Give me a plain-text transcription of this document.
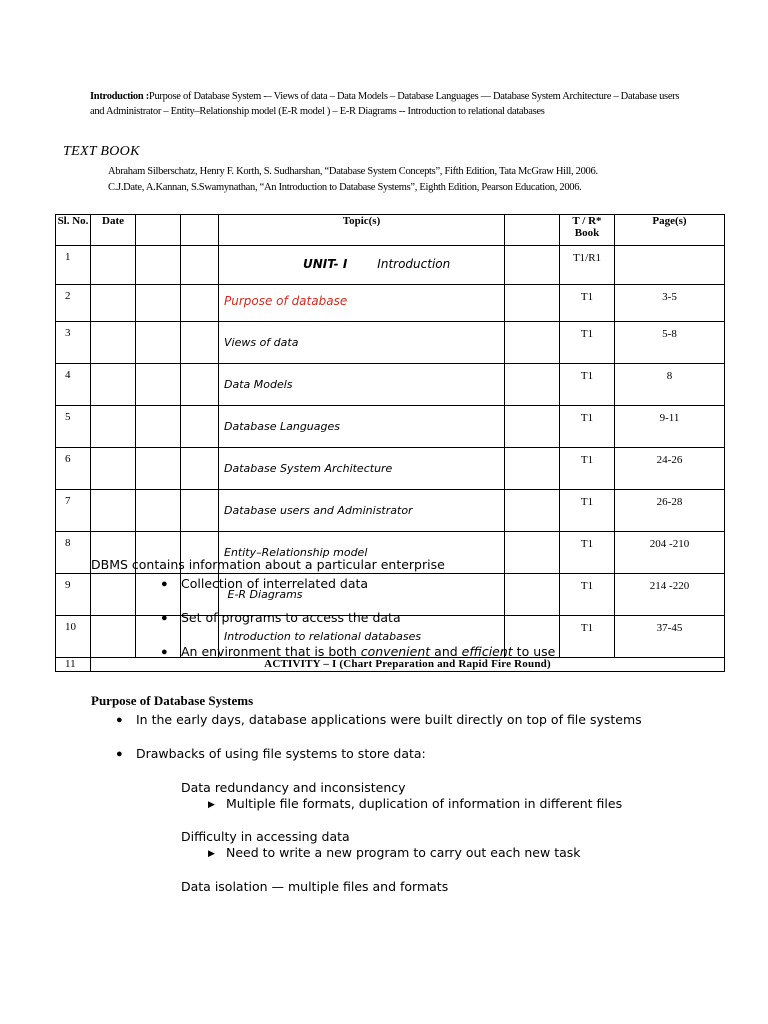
Introduction :Purpose of Database System -– Views of data – Data Models – Database Languages –– Database System Architecture – Database users and Administrator – Entity–Relationship model (E-R model ) – E-R Diagrams -- Introduction to relational databases
TEXT BOOK
Abraham Silberschatz, Henry F. Korth, S. Sudharshan, “Database System Concepts”, Fifth Edition, Tata McGraw Hill, 2006.
C.J.Date, A.Kannan, S.Swamynathan, “An Introduction to Database Systems”, Eighth Edition, Pearson Education, 2006.
Sl. No.	Date			Topic(s)		T / R* Book	Page(s)
1				UNIT- I Introduction		T1/R1	
2				Purpose of database		T1	3-5
3				Views of data		T1	5-8
4				Data Models		T1	8
5				Database Languages		T1	9-11
6				Database System Architecture		T1	24-26
7				Database users and Administrator		T1	26-28
8				Entity–Relationship model		T1	204 -210
9				E-R Diagrams		T1	214 -220
10				Introduction to relational databases		T1	37-45
11	ACTIVITY – I (Chart Preparation and Rapid Fire Round)						
DBMS contains information about a particular enterprise
● Collection of interrelated data
● Set of programs to access the data
● An environment that is both convenient and efficient to use
Purpose of Database Systems
● In the early days, database applications were built directly on top of file systems
● Drawbacks of using file systems to store data:
Data redundancy and inconsistency
▶ Multiple file formats, duplication of information in different files
Difficulty in accessing data
▶ Need to write a new program to carry out each new task
Data isolation — multiple files and formats
